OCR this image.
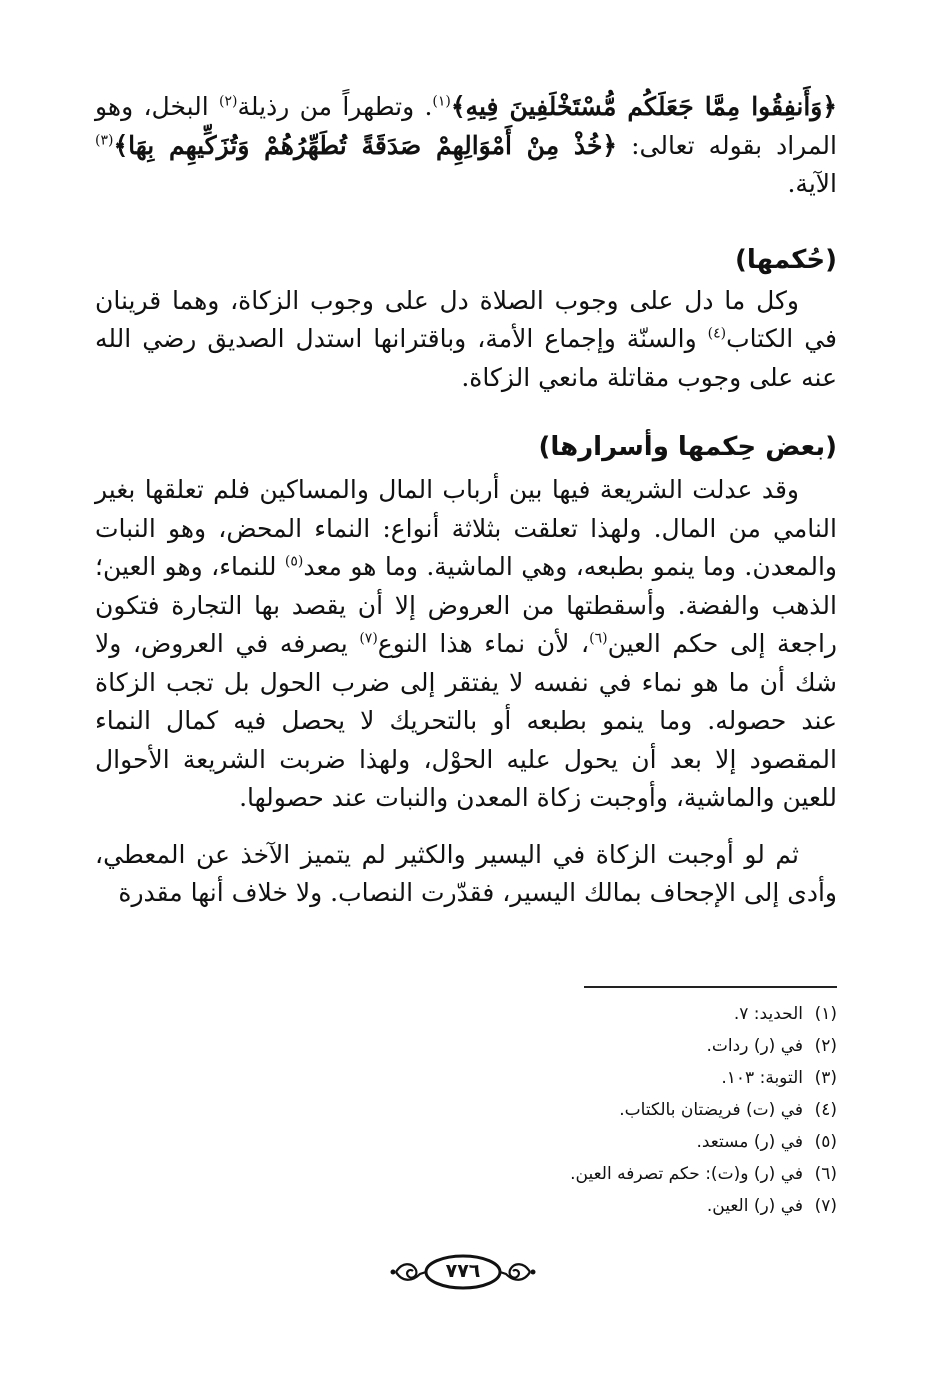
﴿وَأَنفِقُوا مِمَّا جَعَلَكُم مُّسْتَخْلَفِينَ فِيهِ﴾$^{(١)}$. وتطهراً من رذيلة$^{(٢)}$ البخل، وهو المراد بقوله تعالى: ﴿خُذْ مِنْ أَمْوَالِهِمْ صَدَقَةً تُطَهِّرُهُمْ وَتُزَكِّيهِم بِهَا﴾$^{(٣)}$ الآية.

(حُكمها)

وكل ما دل على وجوب الصلاة دل على وجوب الزكاة، وهما قرينان في الكتاب$^{(٤)}$ والسنّة وإجماع الأمة، وباقترانها استدل الصديق رضي الله عنه على وجوب مقاتلة مانعي الزكاة.

(بعض حِكمها وأسرارها)

وقد عدلت الشريعة فيها بين أرباب المال والمساكين فلم تعلقها بغير النامي من المال. ولهذا تعلقت بثلاثة أنواع: النماء المحض، وهو النبات والمعدن. وما ينمو بطبعه، وهي الماشية. وما هو معد$^{(٥)}$ للنماء، وهو العين؛ الذهب والفضة. وأسقطتها من العروض إلا أن يقصد بها التجارة فتكون راجعة إلى حكم العين$^{(٦)}$، لأن نماء هذا النوع$^{(٧)}$ يصرفه في العروض، ولا شك أن ما هو نماء في نفسه لا يفتقر إلى ضرب الحول بل تجب الزكاة عند حصوله. وما ينمو بطبعه أو بالتحريك لا يحصل فيه كمال النماء المقصود إلا بعد أن يحول عليه الحوْل، ولهذا ضربت الشريعة الأحوال للعين والماشية، وأوجبت زكاة المعدن والنبات عند حصولها.

ثم لو أوجبت الزكاة في اليسير والكثير لم يتميز الآخذ عن المعطي، وأدى إلى الإجحاف بمالك اليسير، فقدّرت النصاب. ولا خلاف أنها مقدرة

(١)الحديد: ٧.
(٢)في (ر) ردات.
(٣)التوبة: ١٠٣.
(٤)في (ت) فريضتان بالكتاب.
(٥)في (ر) مستعد.
(٦)في (ر) و(ت): حكم تصرفه العين.
(٧)في (ر) العين.
٧٧٦
